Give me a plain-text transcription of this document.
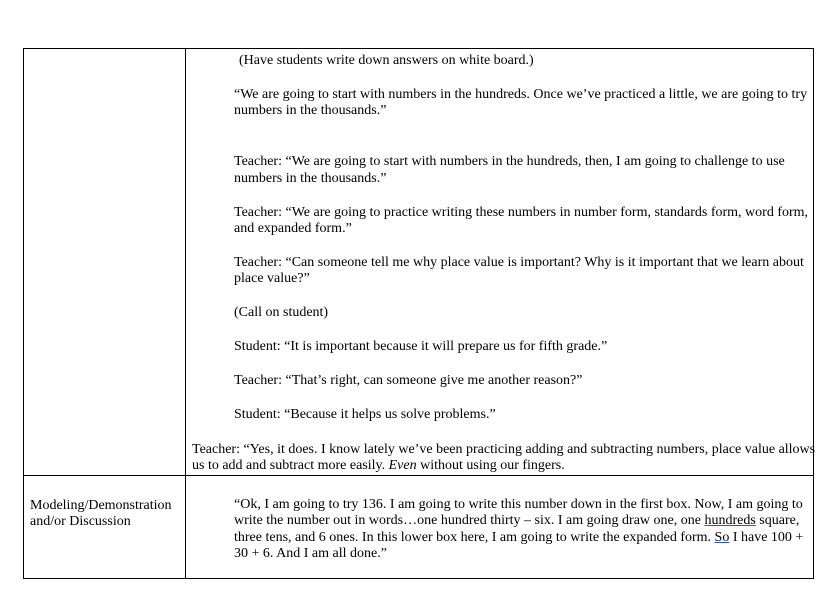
(Have students write down answers on white board.)

“We are going to start with numbers in the hundreds. Once we’ve practiced a little, we are going to try

numbers in the thousands.”

Teacher: “We are going to start with numbers in the hundreds, then, I am going to challenge to use

numbers in the thousands.”

Teacher: “We are going to practice writing these numbers in number form, standards form, word form,

and expanded form.”

Teacher: “Can someone tell me why place value is important? Why is it important that we learn about

place value?”

(Call on student)

Student: “It is important because it will prepare us for fifth grade.”

Teacher: “That’s right, can someone give me another reason?”

Student: “Because it helps us solve problems.”

Teacher: “Yes, it does. I know lately we’ve been practicing adding and subtracting numbers, place value allows

us to add and subtract more easily. Even without using our fingers.

Modeling/Demonstration

and/or Discussion

“Ok, I am going to try 136. I am going to write this number down in the first box. Now, I am going to

write the number out in words…one hundred thirty – six. I am going draw one, one hundreds square,

three tens, and 6 ones. In this lower box here, I am going to write the expanded form. So I have 100 +

30 + 6. And I am all done.”
